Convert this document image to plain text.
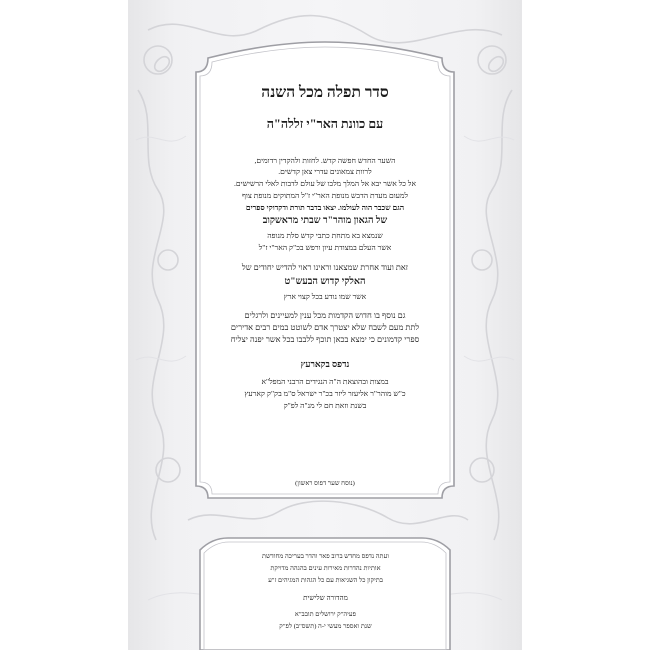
סדר תפלה מכל השנה
עם כוונת האר"י זללה"ה
השער החדש חפשה קדש. לחזות ולהקדין רדומים,
לרוות צמאונים עדרי צאן קדשים.
אל כל אשר יבא אל המלך מלבו של עולם לדבות לאלי הרשישים.
למעום מעדת הדבש מנופת האר"י ז"ל המתוקים מנופת צוף
הגם שכבר הוה לעולמו. יצאו בדבר תורת ודקדוקי ספרים
של הגאון מוהר"ר שבתי מראשקוב
שנמצא בא מתחת כתבי קדש סלת מנופה
אשר העלם במצודת עיון ורפש בכ"ק האר"י ז"ל
זאת ועוד אחרת שמצאנו וראינו ראוי להדיש יחודים של
האלקי קדוש הבעש"ט
אשר שמו נודע בכל קצוי ארץ
גם נוסף בו חדוש הקדמות מכל ענין למעיינים ולרגלים
לתת מעם לשבח שלא יצטרך אדם לשוטט במים רבים אדירים
ספרי קדמונים כי ימצא בכאן תוכף ללבבו בכל אשר יפנה יצליח
נדפס בקארעץ
במצות ובהוצאת ה"ה הנגידים הרבני המפל"א
כ"ש מוהר"ר אליעזר ליזר בכ"ר ישראל ס"מ בק"ק קארעץ
בשנת וזאת חם לי מנ"ה לפ"ק
(נוסח שער דפוס ראשון)
ועתה נדפס מחדש ברוב פאר והדר בעריכה מחודשת
אותיות נהדרות מאירות עינים בהגהה מדויקת
בתיקון כל השגיאות עם כל הגהות המגיהים ז"ע
מהדורה שלישית
פעיה"ק ירושלים תובב"א
שנת ואספר מעשי י-ה (תשס"ב) לפ"ק
